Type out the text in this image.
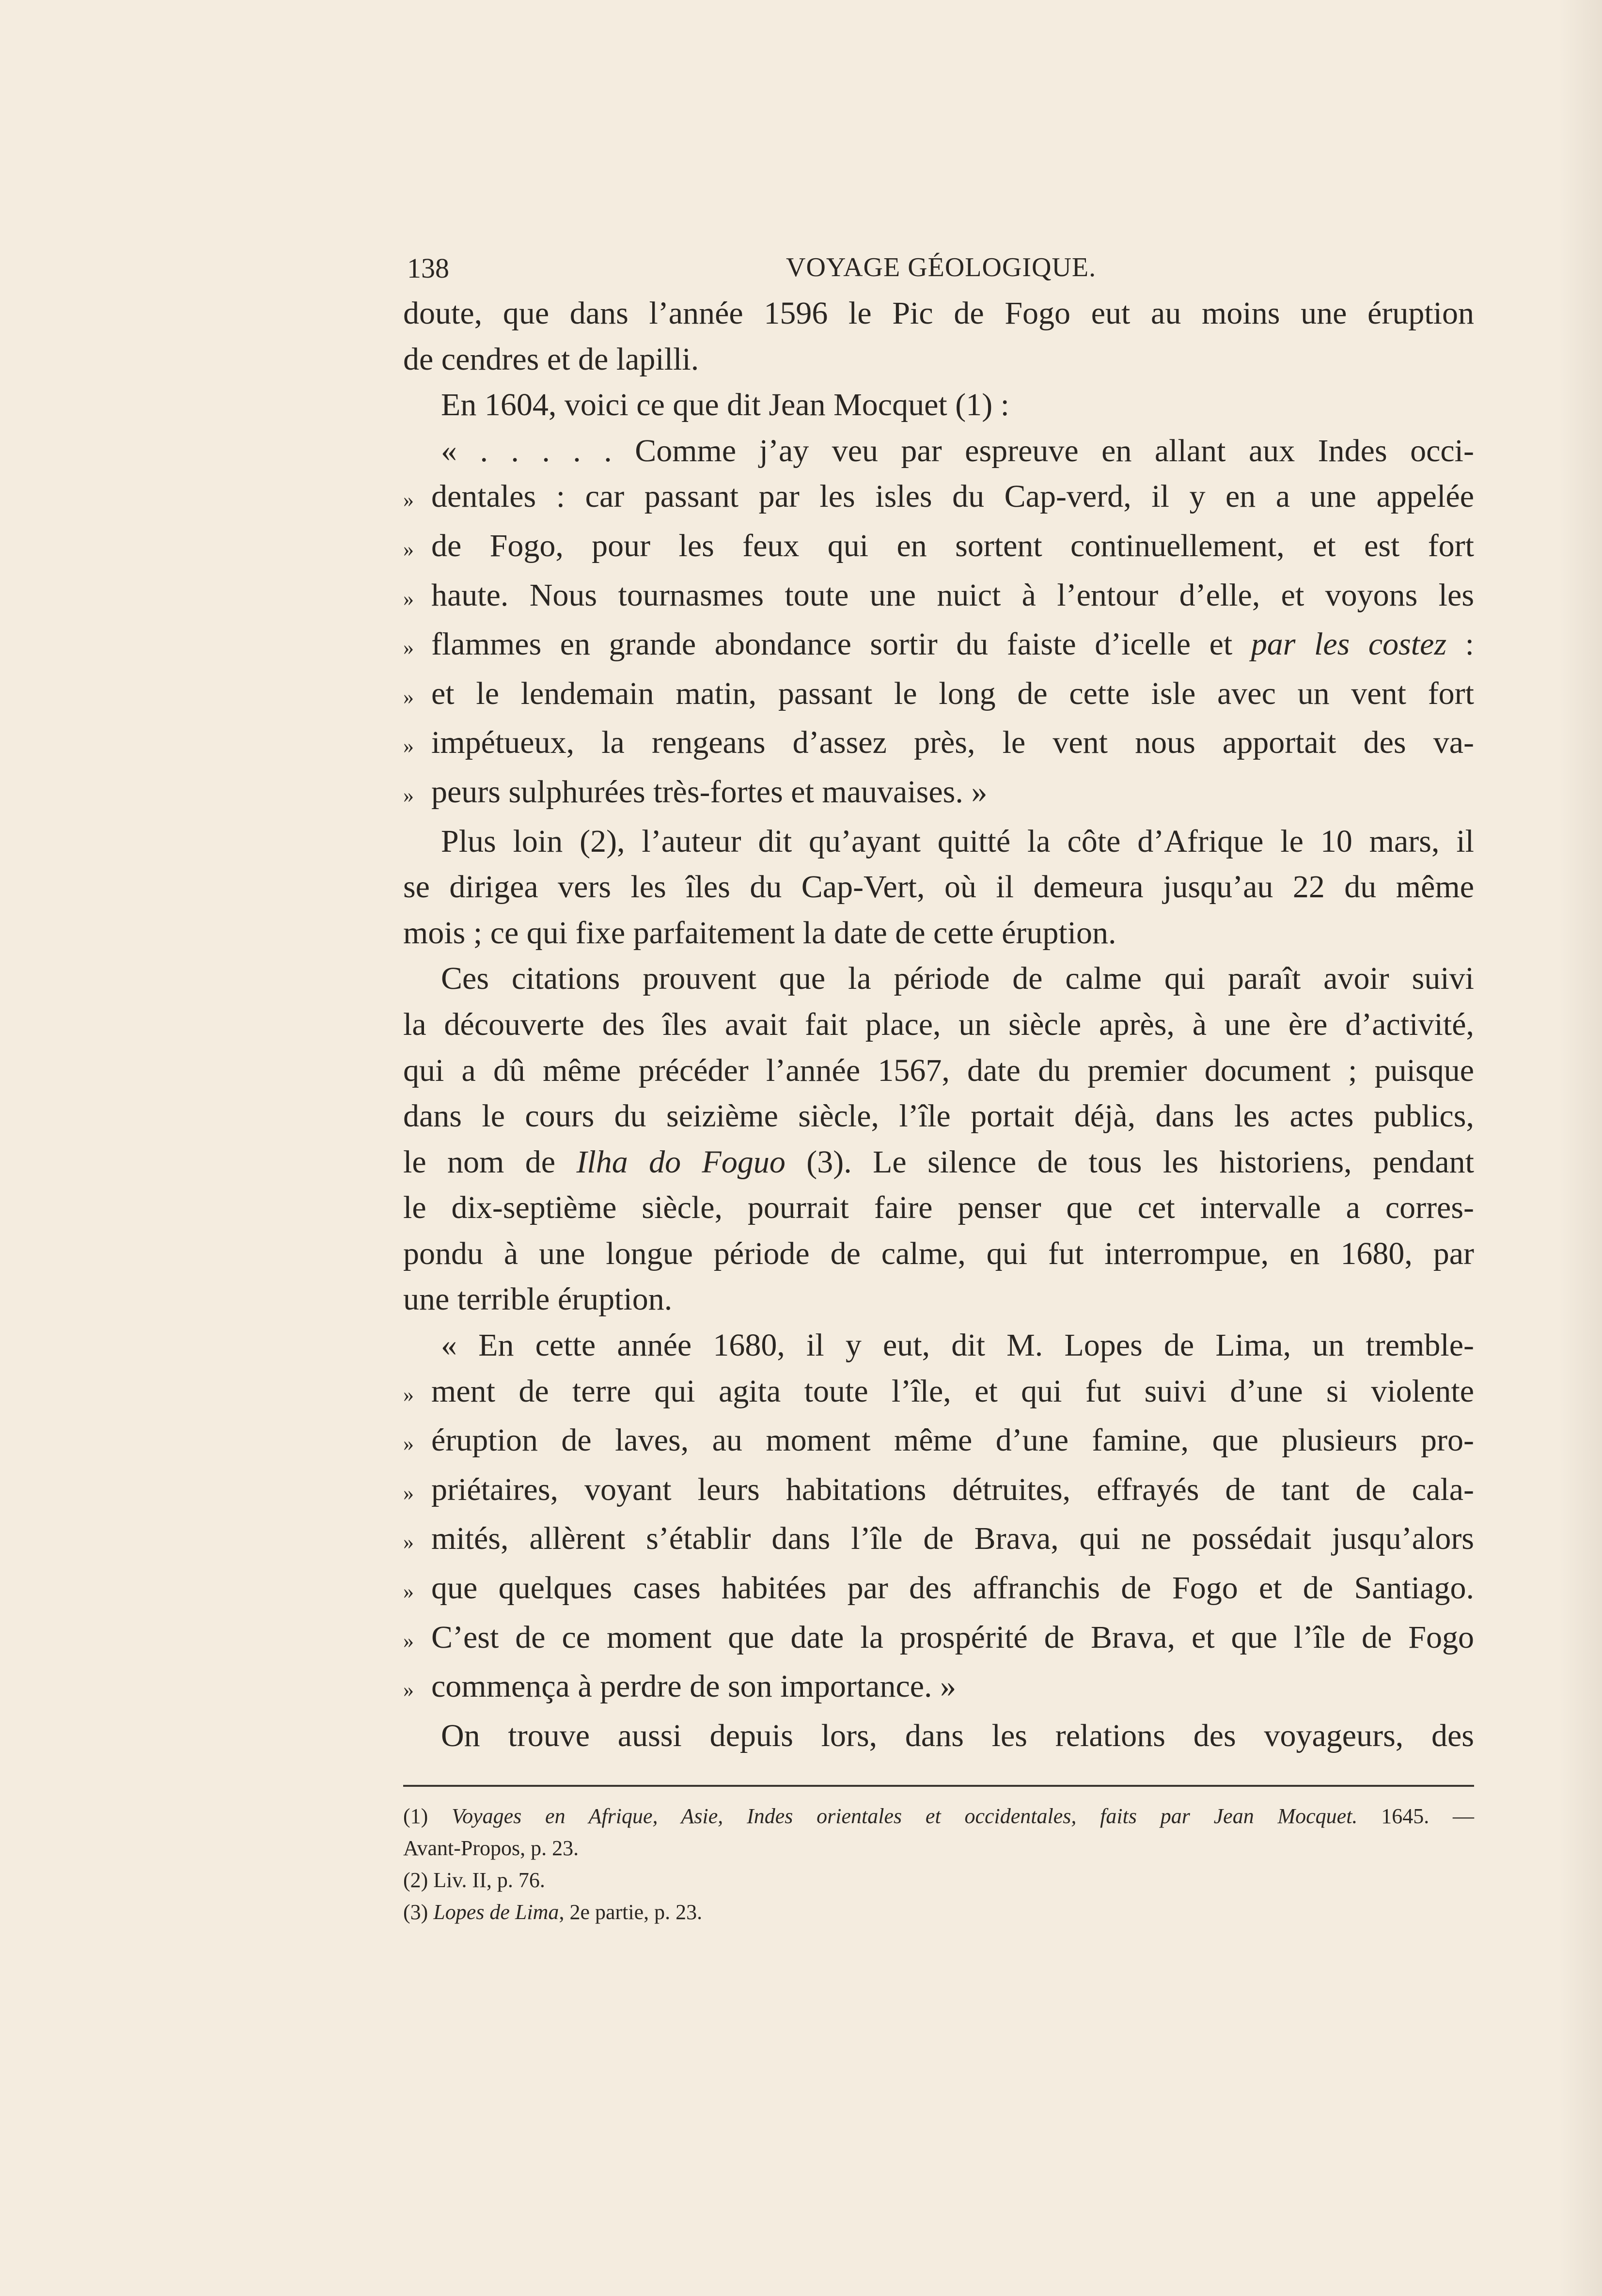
138	VOYAGE GÉOLOGIQUE.
doute, que dans l’année 1596 le Pic de Fogo eut au moins une éruption
de cendres et de lapilli.
En 1604, voici ce que dit Jean Mocquet (1) :
« . . . . . Comme j’ay veu par espreuve en allant aux Indes occi-
» dentales : car passant par les isles du Cap-verd, il y en a une appelée
» de Fogo, pour les feux qui en sortent continuellement, et est fort
» haute. Nous tournasmes toute une nuict à l’entour d’elle, et voyons les
» flammes en grande abondance sortir du faiste d’icelle et par les costez :
» et le lendemain matin, passant le long de cette isle avec un vent fort
» impétueux, la rengeans d’assez près, le vent nous apportait des va-
» peurs sulphurées très-fortes et mauvaises. »
Plus loin (2), l’auteur dit qu’ayant quitté la côte d’Afrique le 10 mars, il
se dirigea vers les îles du Cap-Vert, où il demeura jusqu’au 22 du même
mois ; ce qui fixe parfaitement la date de cette éruption.
Ces citations prouvent que la période de calme qui paraît avoir suivi
la découverte des îles avait fait place, un siècle après, à une ère d’activité,
qui a dû même précéder l’année 1567, date du premier document ; puisque
dans le cours du seizième siècle, l’île portait déjà, dans les actes publics,
le nom de Ilha do Foguo (3). Le silence de tous les historiens, pendant
le dix-septième siècle, pourrait faire penser que cet intervalle a corres-
pondu à une longue période de calme, qui fut interrompue, en 1680, par
une terrible éruption.
« En cette année 1680, il y eut, dit M. Lopes de Lima, un tremble-
» ment de terre qui agita toute l’île, et qui fut suivi d’une si violente
» éruption de laves, au moment même d’une famine, que plusieurs pro-
» priétaires, voyant leurs habitations détruites, effrayés de tant de cala-
» mités, allèrent s’établir dans l’île de Brava, qui ne possédait jusqu’alors
» que quelques cases habitées par des affranchis de Fogo et de Santiago.
» C’est de ce moment que date la prospérité de Brava, et que l’île de Fogo
» commença à perdre de son importance. »
On trouve aussi depuis lors, dans les relations des voyageurs, des
(1) Voyages en Afrique, Asie, Indes orientales et occidentales, faits par Jean Mocquet. 1645. —
Avant-Propos, p. 23.
(2) Liv. II, p. 76.
(3) Lopes de Lima, 2e partie, p. 23.
